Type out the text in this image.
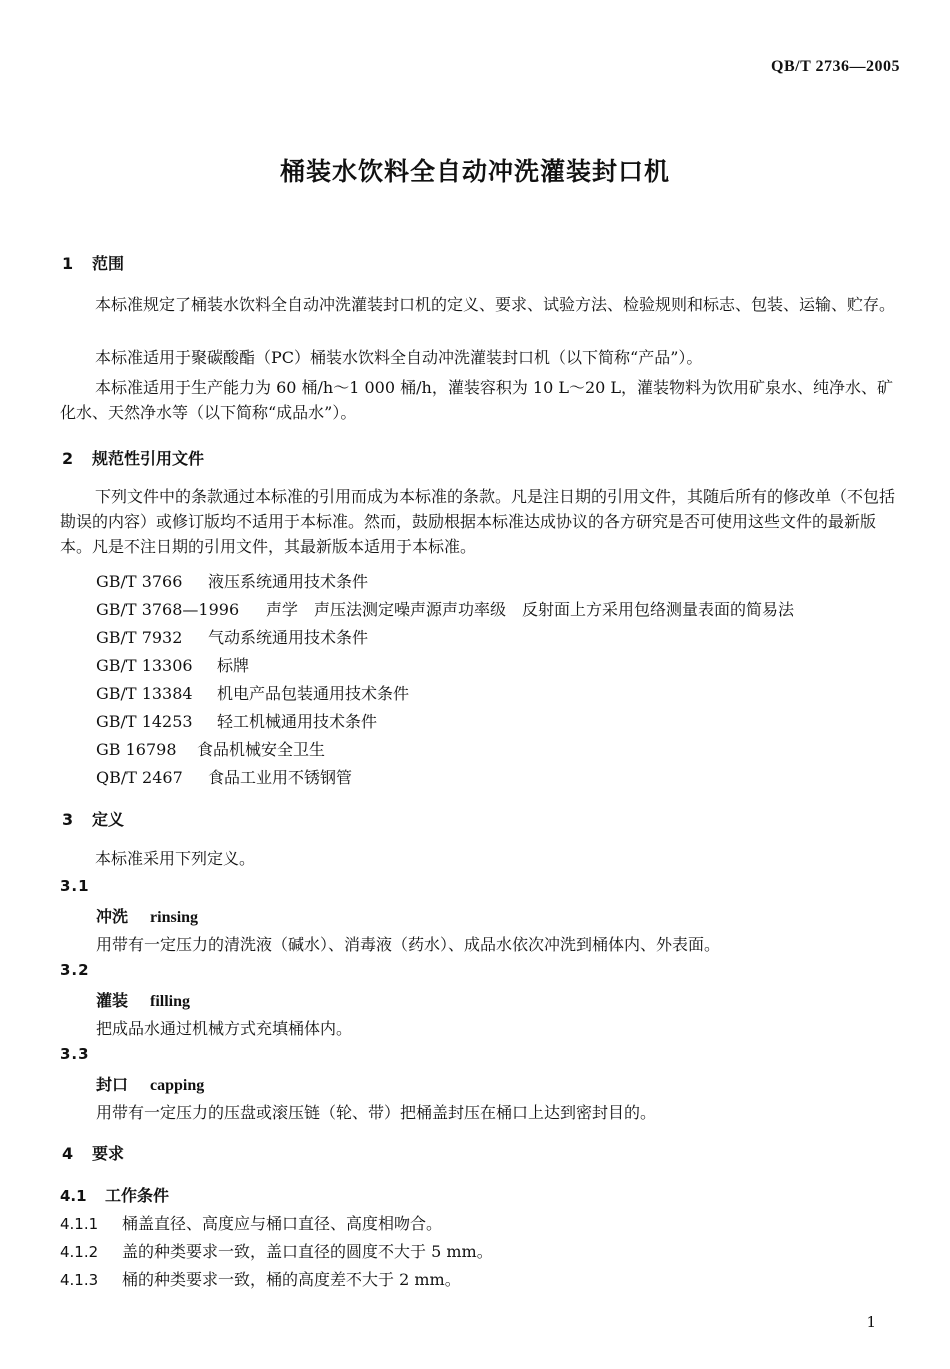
QB/T 2736—2005
桶装水饮料全自动冲洗灌装封口机
1 范围
本标准规定了桶装水饮料全自动冲洗灌装封口机的定义、要求、试验方法、检验规则和标志、包装、运输、贮存。
本标准适用于聚碳酸酯（PC）桶装水饮料全自动冲洗灌装封口机（以下简称“产品”）。
本标准适用于生产能力为 60 桶/h～1 000 桶/h，灌装容积为 10 L～20 L，灌装物料为饮用矿泉水、纯净水、矿化水、天然净水等（以下简称“成品水”）。
2 规范性引用文件
下列文件中的条款通过本标准的引用而成为本标准的条款。凡是注日期的引用文件，其随后所有的修改单（不包括勘误的内容）或修订版均不适用于本标准。然而，鼓励根据本标准达成协议的各方研究是否可使用这些文件的最新版本。凡是不注日期的引用文件，其最新版本适用于本标准。
GB/T 3766 液压系统通用技术条件
GB/T 3768—1996 声学　声压法测定噪声源声功率级　反射面上方采用包络测量表面的简易法
GB/T 7932 气动系统通用技术条件
GB/T 13306 标牌
GB/T 13384 机电产品包装通用技术条件
GB/T 14253 轻工机械通用技术条件
GB 16798 食品机械安全卫生
QB/T 2467 食品工业用不锈钢管
3 定义
本标准采用下列定义。
3.1
冲洗 rinsing
用带有一定压力的清洗液（碱水）、消毒液（药水）、成品水依次冲洗到桶体内、外表面。
3.2
灌装 filling
把成品水通过机械方式充填桶体内。
3.3
封口 capping
用带有一定压力的压盘或滚压链（轮、带）把桶盖封压在桶口上达到密封目的。
4 要求
4.1 工作条件
4.1.1 桶盖直径、高度应与桶口直径、高度相吻合。
4.1.2 盖的种类要求一致，盖口直径的圆度不大于 5 mm。
4.1.3 桶的种类要求一致，桶的高度差不大于 2 mm。
1
